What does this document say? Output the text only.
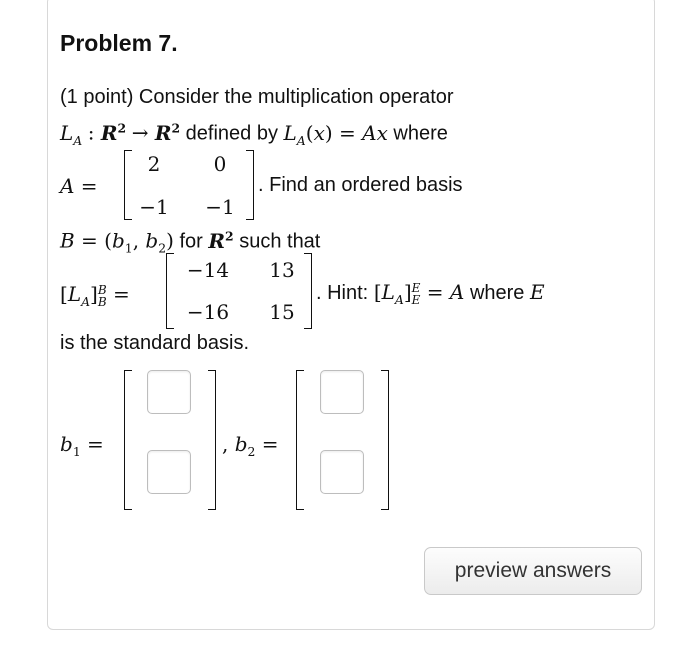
Problem 7.
(1 point) Consider the multiplication operator
$L_A$ : $R^2 \to R^2$ defined by $L_A(x) = Ax$ where
A =
2	0
−1 −1
. Find an ordered basis
$B = (b_1$, $b_2$) for $R^2$ such that
$[L_A]$ B
B =
−14	13
−16	15
. Hint: $[L_A]$ E
E = A where E
is the standard basis.
$b_1$ =	, $b_2$ =
preview answers
